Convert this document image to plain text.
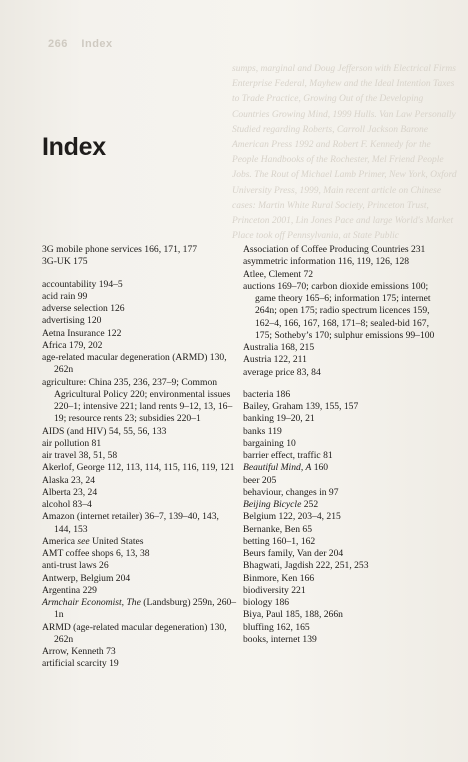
266 Index
sumps, marginal and Doug Jefferson with Electrical Firms Enterprise Federal, Mayhew and the Ideal Intention Taxes to Trade Practice, Growing Out of the Developing Countries Growing Mind, 1999 Hulls. Van Law Personally Studied regarding Roberts, Carroll Jackson Barone American Press 1992 and Robert F. Kennedy for the People Handbooks of the Rochester, Mel Friend People Jobs. The Rout of Michael Lamb Primer, New York, Oxford University Press, 1999, Main recent article on Chinese cases: Martin White Rural Society, Princeton Trust, Princeton 2001, Lin Jones Pace and large World's Market Place took off Pennsylvania, at State Public
Index
3G mobile phone services 166, 171, 177
3G-UK 175
accountability 194–5
acid rain 99
adverse selection 126
advertising 120
Aetna Insurance 122
Africa 179, 202
age-related macular degeneration (ARMD) 130, 262n
agriculture: China 235, 236, 237–9; Common Agricultural Policy 220; environmental issues 220–1; intensive 221; land rents 9–12, 13, 16–19; resource rents 23; subsidies 220–1
AIDS (and HIV) 54, 55, 56, 133
air pollution 81
air travel 38, 51, 58
Akerlof, George 112, 113, 114, 115, 116, 119, 121
Alaska 23, 24
Alberta 23, 24
alcohol 83–4
Amazon (internet retailer) 36–7, 139–40, 143, 144, 153
America see United States
AMT coffee shops 6, 13, 38
anti-trust laws 26
Antwerp, Belgium 204
Argentina 229
Armchair Economist, The (Landsburg) 259n, 260–1n
ARMD (age-related macular degeneration) 130, 262n
Arrow, Kenneth 73
artificial scarcity 19
Association of Coffee Producing Countries 231
asymmetric information 116, 119, 126, 128
Atlee, Clement 72
auctions 169–70; carbon dioxide emissions 100; game theory 165–6; information 175; internet 264n; open 175; radio spectrum licences 159, 162–4, 166, 167, 168, 171–8; sealed-bid 167, 175; Sotheby’s 170; sulphur emissions 99–100
Australia 168, 215
Austria 122, 211
average price 83, 84
bacteria 186
Bailey, Graham 139, 155, 157
banking 19–20, 21
banks 119
bargaining 10
barrier effect, traffic 81
Beautiful Mind, A 160
beer 205
behaviour, changes in 97
Beijing Bicycle 252
Belgium 122, 203–4, 215
Bernanke, Ben 65
betting 160–1, 162
Beurs family, Van der 204
Bhagwati, Jagdish 222, 251, 253
Binmore, Ken 166
biodiversity 221
biology 186
Biya, Paul 185, 188, 266n
bluffing 162, 165
books, internet 139
